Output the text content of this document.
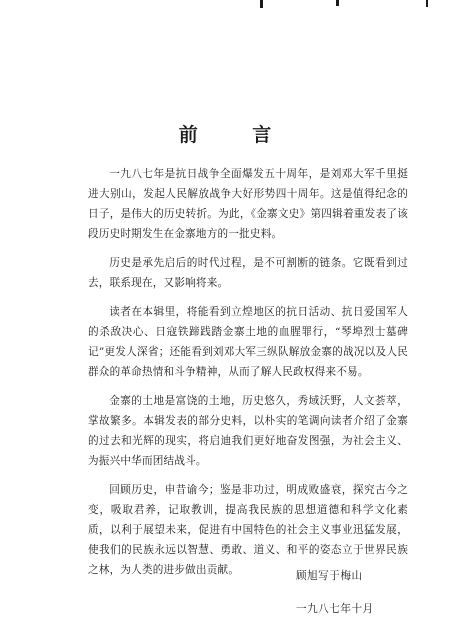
前 言

一九八七年是抗日战争全面爆发五十周年，是刘邓大军千里挺进大别山，发起人民解放战争大好形势四十周年。这是值得纪念的日子，是伟大的历史转折。为此，《金寨文史》第四辑着重发表了该段历史时期发生在金寨地方的一批史料。

历史是承先启后的时代过程，是不可割断的链条。它既看到过去，联系现在，又影响将来。

读者在本辑里，将能看到立煌地区的抗日活动、抗日爱国军人的杀敌决心、日寇铁蹄践踏金寨土地的血腥罪行，“琴埠烈士墓碑记”更发人深省；还能看到刘邓大军三纵队解放金寨的战况以及人民群众的革命热情和斗争精神，从而了解人民政权得来不易。

金寨的土地是富饶的土地，历史悠久，秀域沃野，人文荟萃，掌故繁多。本辑发表的部分史料，以朴实的笔调向读者介绍了金寨的过去和光辉的现实，将启迪我们更好地奋发图强，为社会主义、为振兴中华而团结战斗。

回顾历史，申昔谕今；鉴是非功过，明成败盛衰，探究古今之变，吸取君养，记取教训，提高我民族的思想道德和科学文化素质，以利于展望未来，促进有中国特色的社会主义事业迅猛发展，使我们的民族永远以智慧、勇敢、道义、和平的姿态立于世界民族之林，为人类的进步做出贡献。	顾旭写于梅山
一九八七年十月
